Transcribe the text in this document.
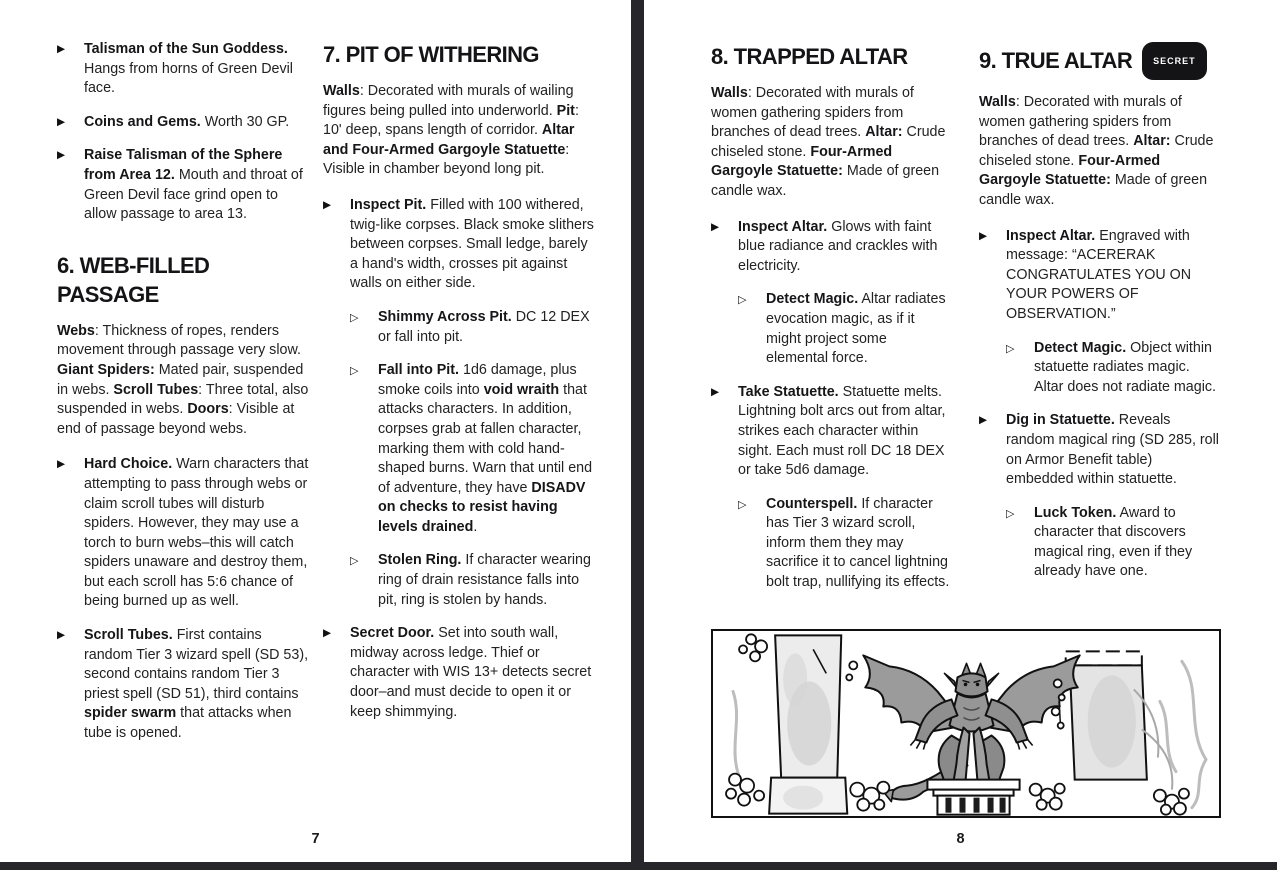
▶	Talisman of the Sun Goddess. Hangs from horns of Green Devil face.
▶	Coins and Gems. Worth 30 GP.
▶	Raise Talisman of the Sphere from Area 12. Mouth and throat of Green Devil face grind open to allow passage to area 13.
6. WEB-FILLED PASSAGE

Webs: Thickness of ropes, renders movement through passage very slow. Giant Spiders: Mated pair, suspended in webs. Scroll Tubes: Three total, also suspended in webs. Doors: Visible at end of passage beyond webs.

▶	Hard Choice. Warn characters that attempting to pass through webs or claim scroll tubes will disturb spiders. However, they may use a torch to burn webs–this will catch spiders unaware and destroy them, but each scroll has 5:6 chance of being burned up as well.
▶	Scroll Tubes. First contains random Tier 3 wizard spell (SD 53), second contains random Tier 3 priest spell (SD 51), third contains spider swarm that attacks when tube is opened.
7. PIT OF WITHERING

Walls: Decorated with murals of wailing figures being pulled into underworld. Pit: 10' deep, spans length of corridor. Altar and Four-Armed Gargoyle Statuette: Visible in chamber beyond long pit.

▶	Inspect Pit. Filled with 100 withered, twig-like corpses. Black smoke slithers between corpses. Small ledge, barely a hand's width, crosses pit against walls on either side.
▷	Shimmy Across Pit. DC 12 DEX or fall into pit.
▷	Fall into Pit. 1d6 damage, plus smoke coils into void wraith that attacks characters. In addition, corpses grab at fallen character, marking them with cold hand-shaped burns. Warn that until end of adventure, they have DISADV on checks to resist having levels drained.
▷	Stolen Ring. If character wearing ring of drain resistance falls into pit, ring is stolen by hands.
▶	Secret Door. Set into south wall, midway across ledge. Thief or character with WIS 13+ detects secret door–and must decide to open it or keep shimmying.
7
8. TRAPPED ALTAR

Walls: Decorated with murals of women gathering spiders from branches of dead trees. Altar: Crude chiseled stone. Four-Armed Gargoyle Statuette: Made of green candle wax.

▶	Inspect Altar. Glows with faint blue radiance and crackles with electricity.
▷	Detect Magic. Altar radiates evocation magic, as if it might project some elemental force.
▶	Take Statuette. Statuette melts. Lightning bolt arcs out from altar, strikes each character within sight. Each must roll DC 18 DEX or take 5d6 damage.
▷	Counterspell. If character has Tier 3 wizard scroll, inform them they may sacrifice it to cancel lightning bolt trap, nullifying its effects.
9. TRUE ALTAR SECRET

Walls: Decorated with murals of women gathering spiders from branches of dead trees. Altar: Crude chiseled stone. Four-Armed Gargoyle Statuette: Made of green candle wax.

▶	Inspect Altar. Engraved with message: “ACERERAK CONGRATULATES YOU ON YOUR POWERS OF OBSERVATION.”
▷	Detect Magic. Object within statuette radiates magic. Altar does not radiate magic.
▶	Dig in Statuette. Reveals random magical ring (SD 285, roll on Armor Benefit table) embedded within statuette.
▷	Luck Token. Award to character that discovers magical ring, even if they already have one.
8
